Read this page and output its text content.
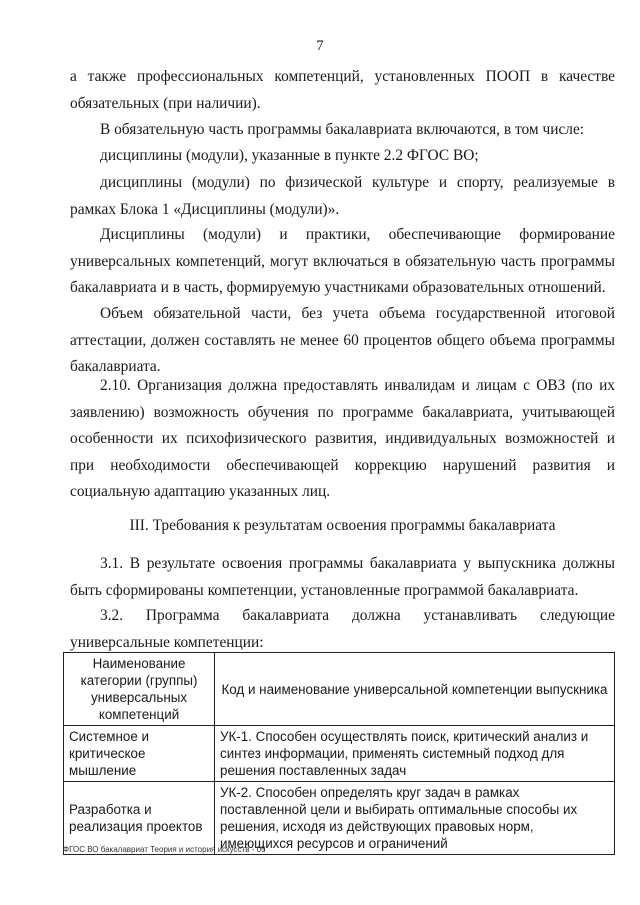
7
а также профессиональных компетенций, установленных ПООП в качестве обязательных (при наличии).
В обязательную часть программы бакалавриата включаются, в том числе:
дисциплины (модули), указанные в пункте 2.2 ФГОС ВО;
дисциплины (модули) по физической культуре и спорту, реализуемые в рамках Блока 1 «Дисциплины (модули)».
Дисциплины (модули) и практики, обеспечивающие формирование универсальных компетенций, могут включаться в обязательную часть программы бакалавриата и в часть, формируемую участниками образовательных отношений.
Объем обязательной части, без учета объема государственной итоговой аттестации, должен составлять не менее 60 процентов общего объема программы бакалавриата.
2.10. Организация должна предоставлять инвалидам и лицам с ОВЗ (по их заявлению) возможность обучения по программе бакалавриата, учитывающей особенности их психофизического развития, индивидуальных возможностей и при необходимости обеспечивающей коррекцию нарушений развития и социальную адаптацию указанных лиц.
III. Требования к результатам освоения программы бакалавриата
3.1. В результате освоения программы бакалавриата у выпускника должны быть сформированы компетенции, установленные программой бакалавриата.
3.2. Программа бакалавриата должна устанавливать следующие универсальные компетенции:
Наименование категории (группы) универсальных компетенций	Код и наименование универсальной компетенции выпускника
Системное и критическое мышление	УК-1. Способен осуществлять поиск, критический анализ и синтез информации, применять системный подход для решения поставленных задач
Разработка и реализация проектов	УК-2. Способен определять круг задач в рамках поставленной цели и выбирать оптимальные способы их решения, исходя из действующих правовых норм, имеющихся ресурсов и ограничений
ФГОС ВО бакалавриат Теория и история искусств - 05
